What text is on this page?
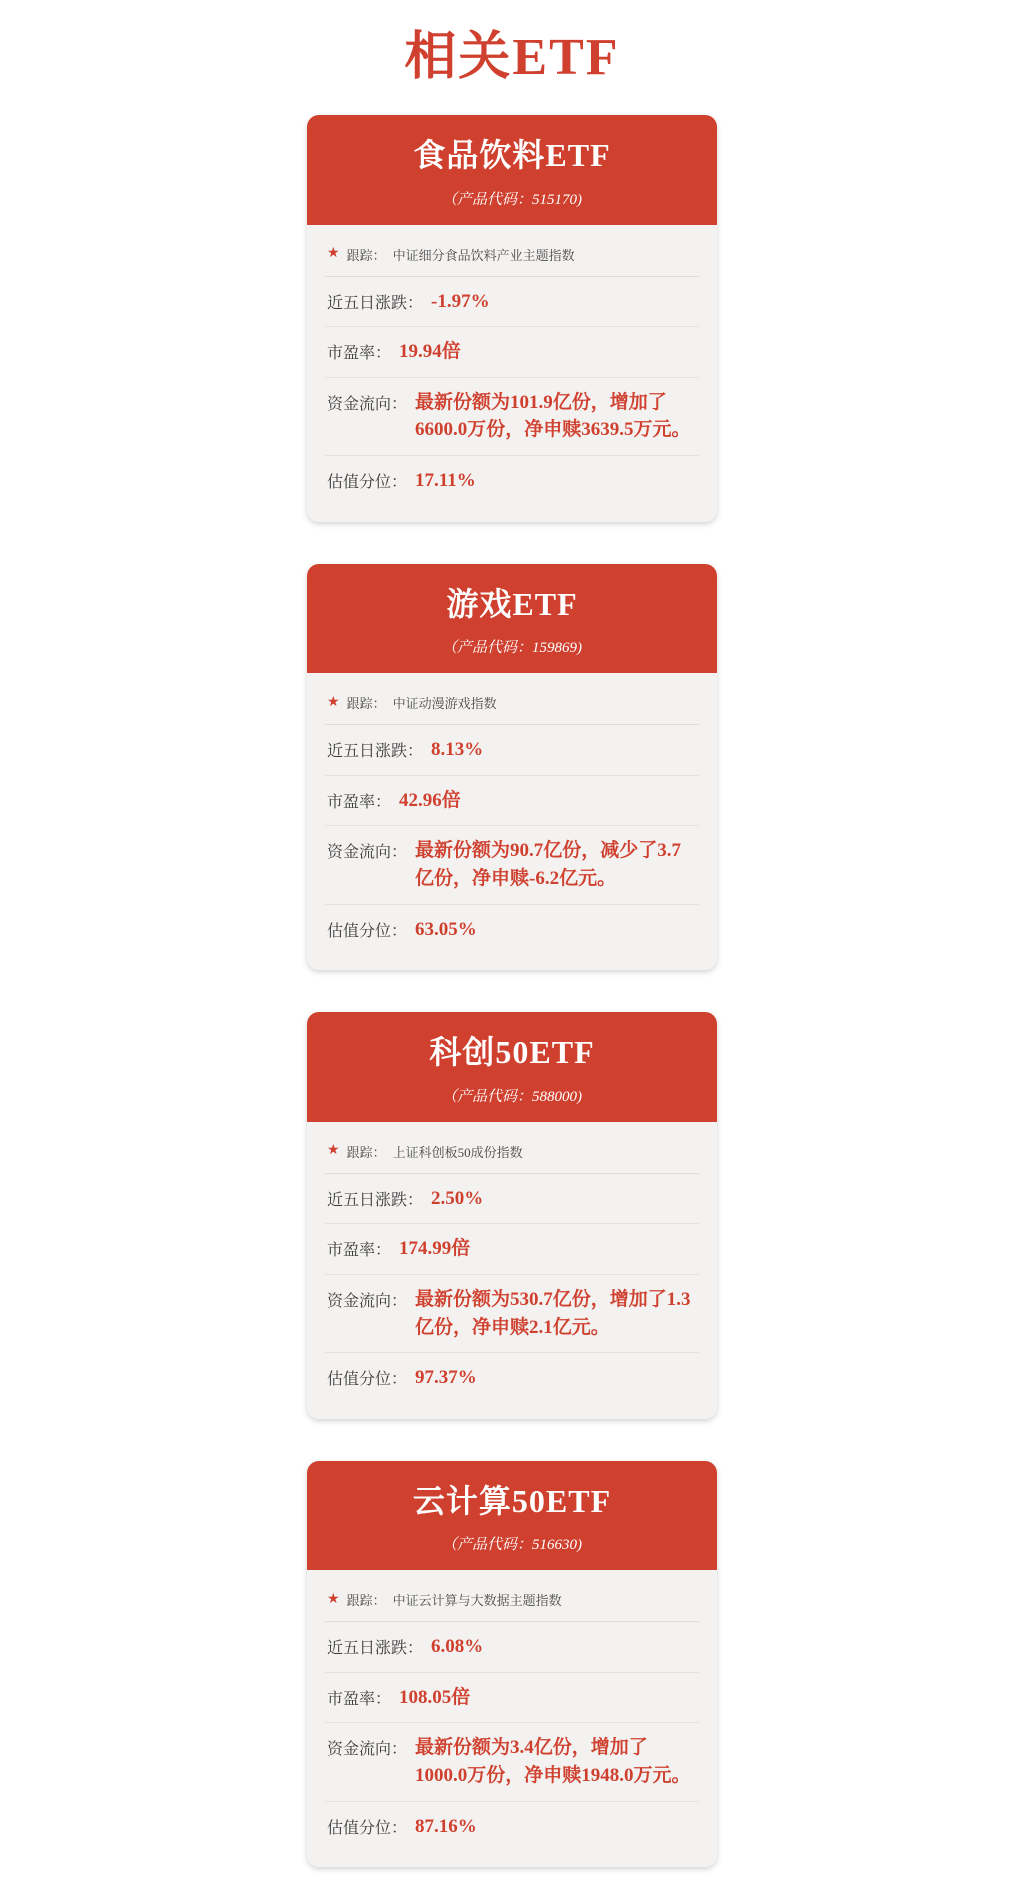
相关ETF
食品饮料ETF
（产品代码：515170)
★ 跟踪： 中证细分食品饮料产业主题指数
近五日涨跌： -1.97%
市盈率： 19.94倍
资金流向： 最新份额为101.9亿份，增加了6600.0万份，净申赎3639.5万元。
估值分位： 17.11%
游戏ETF
（产品代码：159869)
★ 跟踪： 中证动漫游戏指数
近五日涨跌： 8.13%
市盈率： 42.96倍
资金流向： 最新份额为90.7亿份，减少了3.7亿份，净申赎-6.2亿元。
估值分位： 63.05%
科创50ETF
（产品代码：588000)
★ 跟踪： 上证科创板50成份指数
近五日涨跌： 2.50%
市盈率： 174.99倍
资金流向： 最新份额为530.7亿份，增加了1.3亿份，净申赎2.1亿元。
估值分位： 97.37%
云计算50ETF
（产品代码：516630)
★ 跟踪： 中证云计算与大数据主题指数
近五日涨跌： 6.08%
市盈率： 108.05倍
资金流向： 最新份额为3.4亿份，增加了1000.0万份，净申赎1948.0万元。
估值分位： 87.16%
